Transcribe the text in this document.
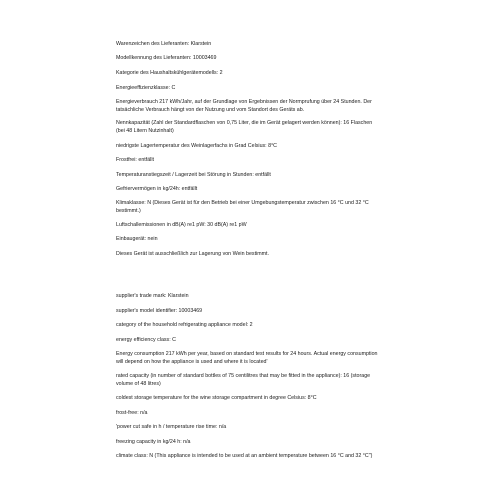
Warenzeichen des Lieferanten: Klarstein

Modellkennung des Lieferanten: 10003469

Kategorie des Haushaltskühlgerätemodells: 2

Energieeffizienzklasse: C

Energieverbrauch 217 kWh/Jahr, auf der Grundlage von Ergebnissen der Normprufung über 24 Stunden. Der
tatsächliche Verbrauch hängt von der Nutzung und vom Standort des Geräts ab.

Nennkapazität (Zahl der Standardflaschen von 0,75 Liter, die im Gerät gelagert werden können): 16 Flaschen
(bei 48 Litern Nutzinhalt)

niedrigste Lagertemperatur des Weinlagerfachs in Grad Celsius: 8°C

Frostfrei: entfällt

Temperaturanstiegszeit / Lagerzeit bei Störung in Stunden: entfällt

Gefriervermögen in kg/24h: entfällt

Klimaklasse: N (Dieses Gerät ist für den Betrieb bei einer Umgebungstemperatur zwischen 16 °C und 32 °C
bestimmt.)

Luftschallemissionen in dB(A) re1 pW: 30 dB(A) re1 pW

Einbaugerät: nein

Dieses Gerät ist ausschließlich zur Lagerung von Wein bestimmt.

supplier's trade mark: Klarstein

supplier's model identifier: 10003469

category of the household refrigerating appliance model: 2

energy efficiency class: C

Energy consumption 217 kWh per year, based on standard test results for 24 hours. Actual energy consumption
will depend on how the appliance is used and where it is located'

rated capacity (in number of standard bottles of 75 centilitres that may be fitted in the appliance): 16 (storage
volume of 48 litres)

coldest storage temperature for the wine storage compartment in degree Celsius: 8°C

frost-free: n/a

'power cut safe in h / temperature rise time: n/a

freezing capacity in kg/24 h: n/a

climate class: N (This appliance is intended to be used at an ambient temperature between 16 °C and 32 °C")
